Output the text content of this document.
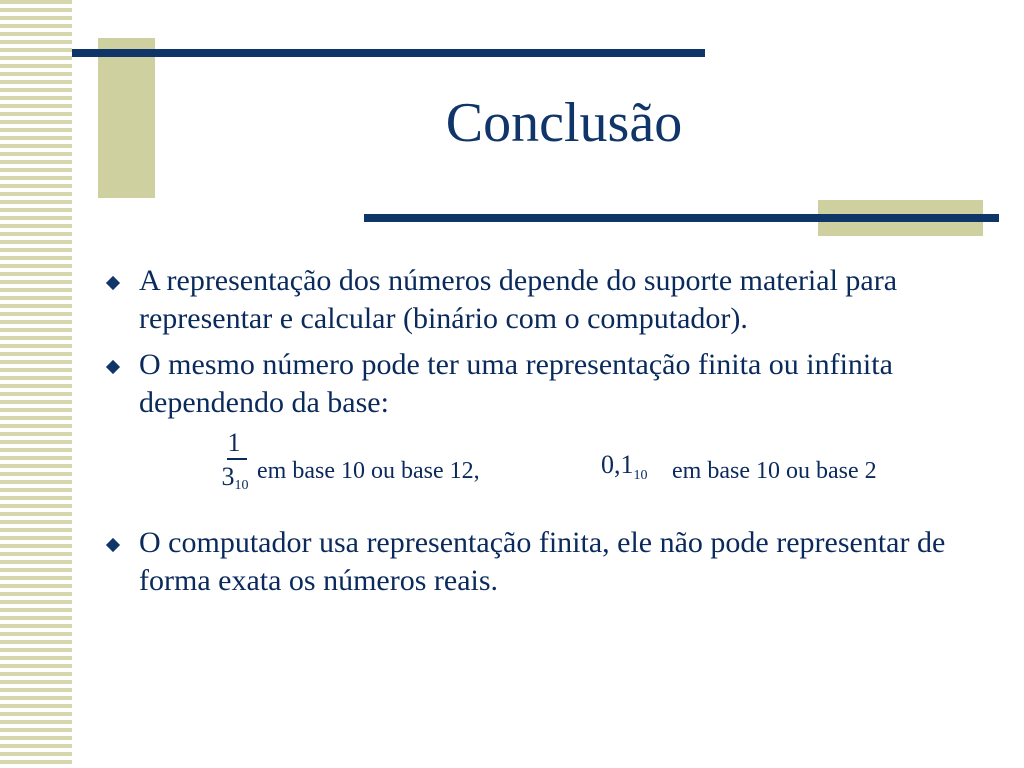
Conclusão
A representação dos números depende do suporte material para representar e calcular (binário com o computador).
O mesmo número pode ter uma representação finita ou infinita dependendo da base:
1
310
em base 10 ou base 12,	$0,1_{10}$ em base 10 ou base 2
O computador usa representação finita, ele não pode representar de forma exata os números reais.
